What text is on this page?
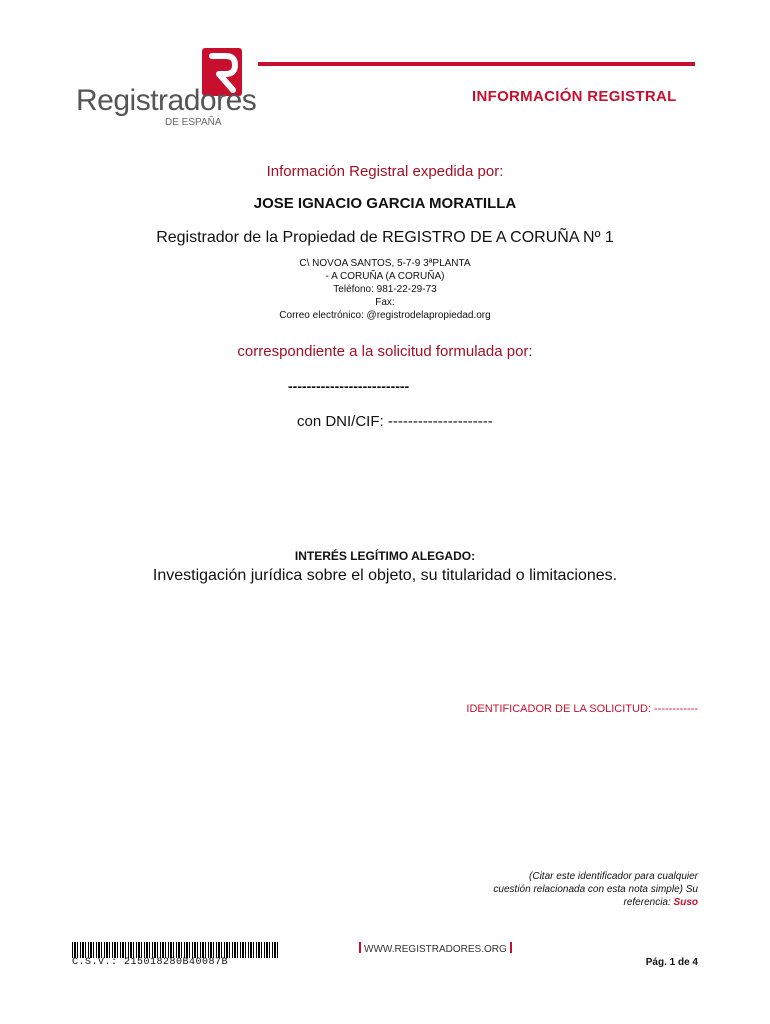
Registradores
DE ESPAÑA
INFORMACIÓN REGISTRAL
Información Registral expedida por:
JOSE IGNACIO GARCIA MORATILLA
Registrador de la Propiedad de REGISTRO DE A CORUÑA Nº 1
C\ NOVOA SANTOS, 5-7-9 3ªPLANTA
- A CORUÑA (A CORUÑA)
Teléfono: 981-22-29-73
Fax:
Correo electrónico: @registrodelapropiedad.org
correspondiente a la solicitud formulada por:
--------------------------
con DNI/CIF: ---------------------
INTERÉS LEGÍTIMO ALEGADO:
Investigación jurídica sobre el objeto, su titularidad o limitaciones.
IDENTIFICADOR DE LA SOLICITUD: ------------
(Citar este identificador para cualquier
cuestión relacionada con esta nota simple) Su
referencia: Suso
C.S.V.: 215018280B40087B
WWW.REGISTRADORES.ORG
Pág. 1 de 4
